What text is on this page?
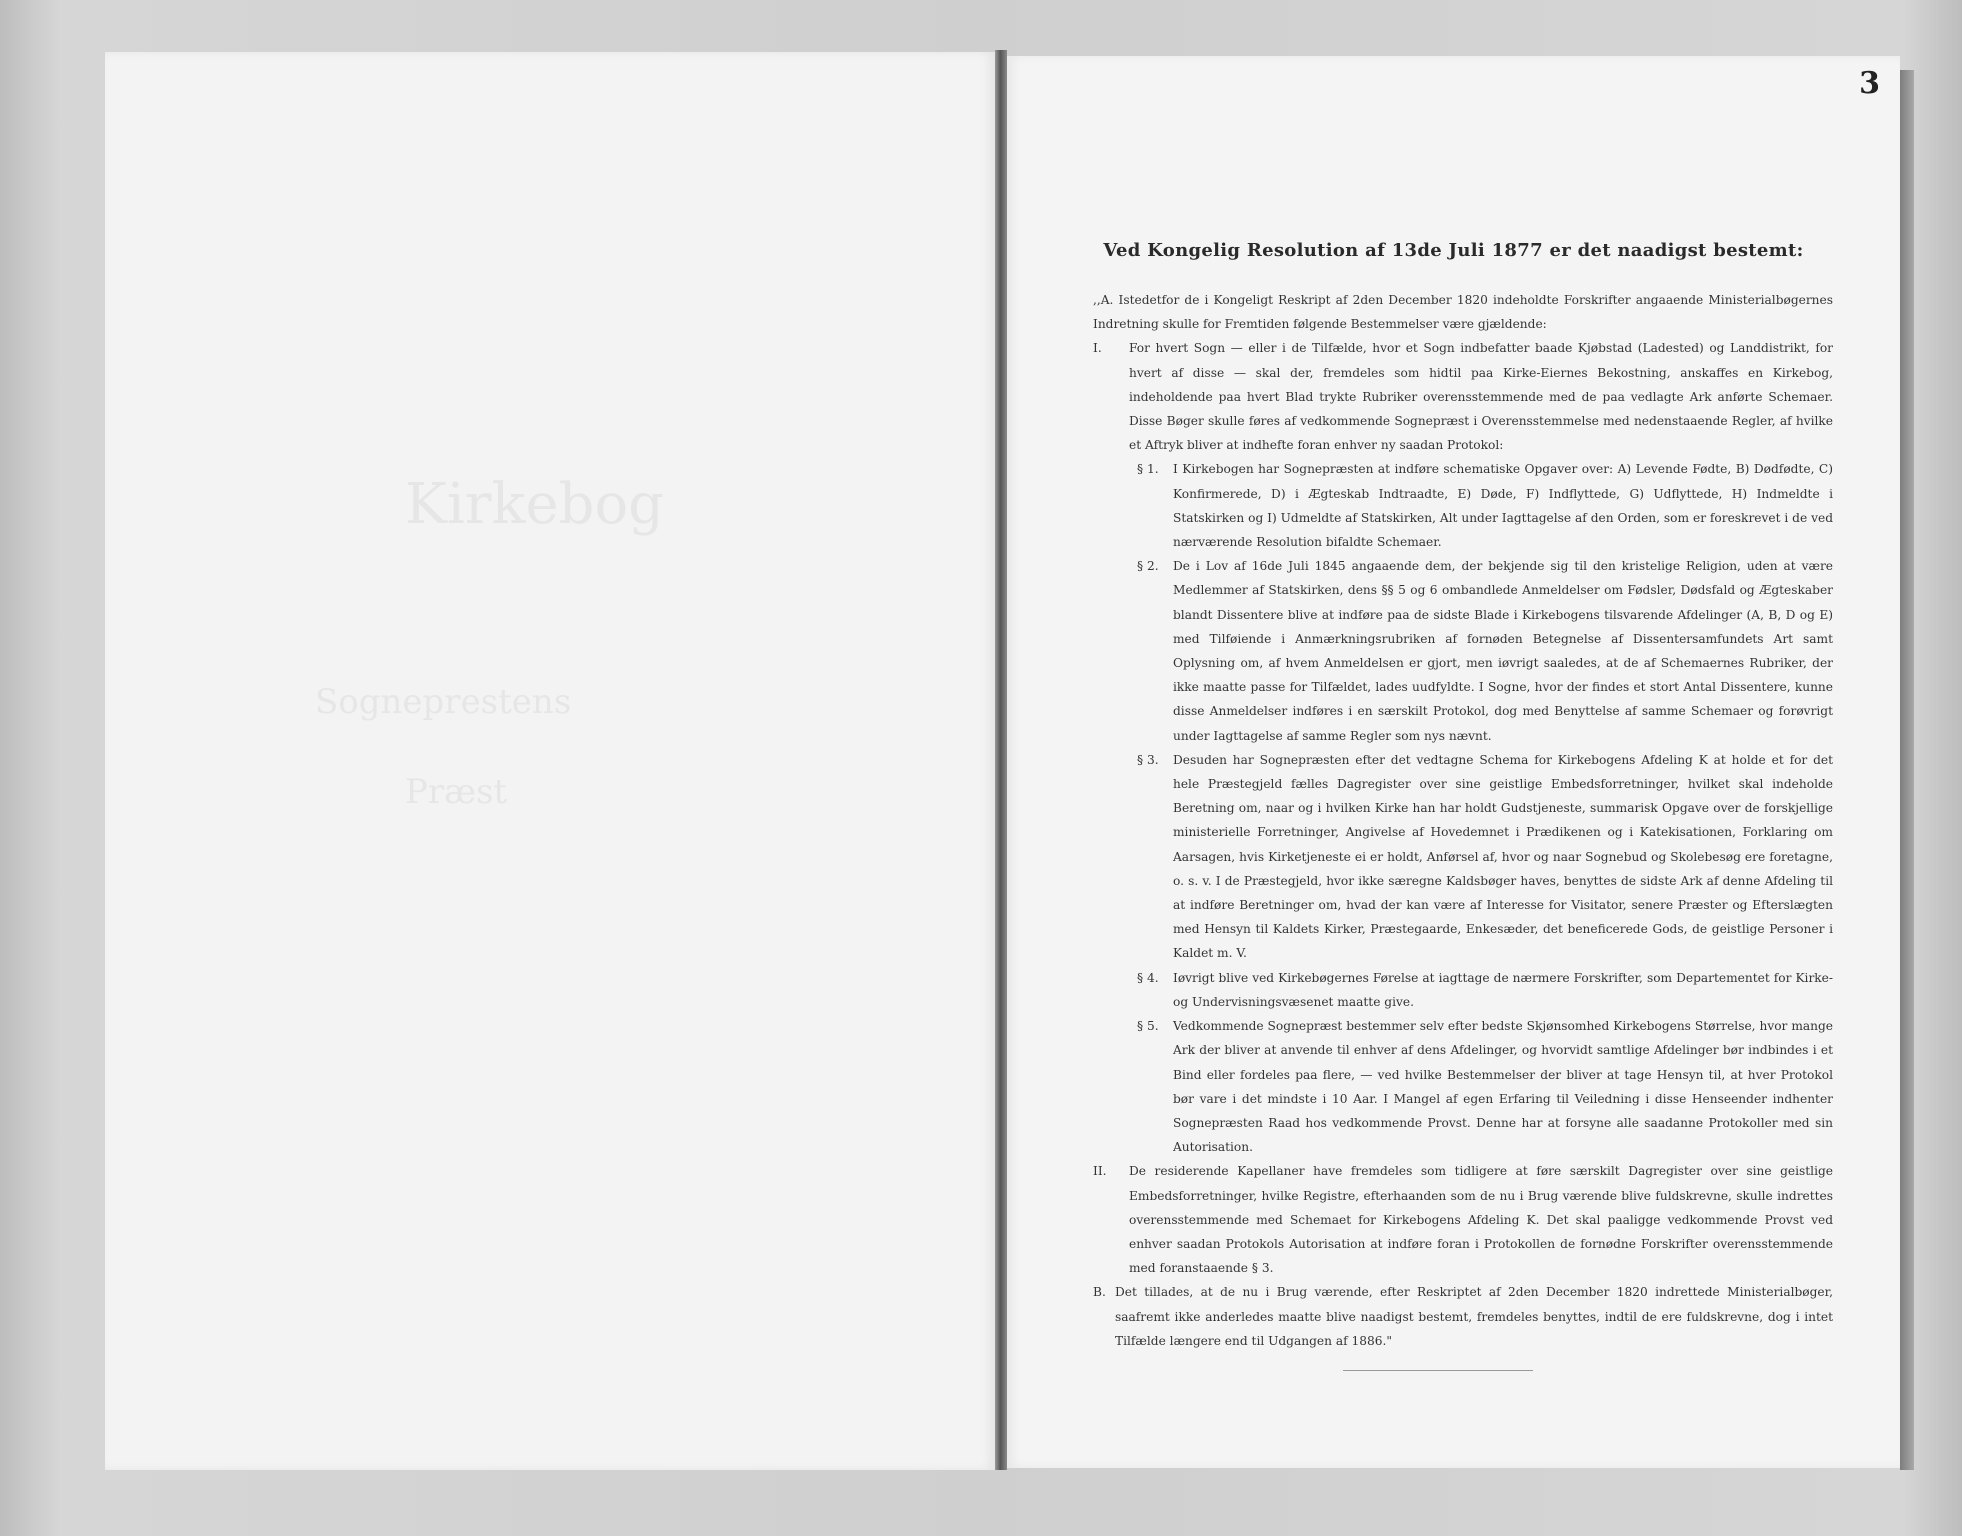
Kirkebog
Sogneprestens
Præst
3
Ved Kongelig Resolution af 13de Juli 1877 er det naadigst bestemt:

,,A. Istedetfor de i Kongeligt Reskript af 2den December 1820 indeholdte Forskrifter angaaende Ministerialbøgernes Indretning skulle for Fremtiden følgende Bestemmelser være gjældende:

I.	For hvert Sogn — eller i de Tilfælde, hvor et Sogn indbefatter baade Kjøbstad (Ladested) og Landdistrikt, for hvert af disse — skal der, fremdeles som hidtil paa Kirke-Eiernes Bekostning, anskaffes en Kirkebog, indeholdende paa hvert Blad trykte Rubriker overensstemmende med de paa vedlagte Ark anførte Schemaer. Disse Bøger skulle føres af vedkommende Sognepræst i Overensstemmelse med nedenstaaende Regler, af hvilke et Aftryk bliver at indhefte foran enhver ny saadan Protokol:
§ 1.	I Kirkebogen har Sognepræsten at indføre schematiske Opgaver over: A) Levende Fødte, B) Dødfødte, C) Konfirmerede, D) i Ægteskab Indtraadte, E) Døde, F) Indflyttede, G) Udflyttede, H) Indmeldte i Statskirken og I) Udmeldte af Statskirken, Alt under Iagttagelse af den Orden, som er foreskrevet i de ved nærværende Resolution bifaldte Schemaer.
§ 2.	De i Lov af 16de Juli 1845 angaaende dem, der bekjende sig til den kristelige Religion, uden at være Medlemmer af Statskirken, dens §§ 5 og 6 ombandlede Anmeldelser om Fødsler, Dødsfald og Ægteskaber blandt Dissentere blive at indføre paa de sidste Blade i Kirkebogens tilsvarende Afdelinger (A, B, D og E) med Tilføiende i Anmærkningsrubriken af fornøden Betegnelse af Dissentersamfundets Art samt Oplysning om, af hvem Anmeldelsen er gjort, men iøvrigt saaledes, at de af Schemaernes Rubriker, der ikke maatte passe for Tilfældet, lades uudfyldte. I Sogne, hvor der findes et stort Antal Dissentere, kunne disse Anmeldelser indføres i en særskilt Protokol, dog med Benyttelse af samme Schemaer og forøvrigt under Iagttagelse af samme Regler som nys nævnt.
§ 3.	Desuden har Sognepræsten efter det vedtagne Schema for Kirkebogens Afdeling K at holde et for det hele Præstegjeld fælles Dagregister over sine geistlige Embedsforretninger, hvilket skal indeholde Beretning om, naar og i hvilken Kirke han har holdt Gudstjeneste, summarisk Opgave over de forskjellige ministerielle Forretninger, Angivelse af Hovedemnet i Prædikenen og i Katekisationen, Forklaring om Aarsagen, hvis Kirketjeneste ei er holdt, Anførsel af, hvor og naar Sognebud og Skolebesøg ere foretagne, o. s. v. I de Præstegjeld, hvor ikke særegne Kaldsbøger haves, benyttes de sidste Ark af denne Afdeling til at indføre Beretninger om, hvad der kan være af Interesse for Visitator, senere Præster og Efterslægten med Hensyn til Kaldets Kirker, Præstegaarde, Enkesæder, det beneficerede Gods, de geistlige Personer i Kaldet m. V.
§ 4.	Iøvrigt blive ved Kirkebøgernes Førelse at iagttage de nærmere Forskrifter, som Departementet for Kirke- og Undervisningsvæsenet maatte give.
§ 5.	Vedkommende Sognepræst bestemmer selv efter bedste Skjønsomhed Kirkebogens Størrelse, hvor mange Ark der bliver at anvende til enhver af dens Afdelinger, og hvorvidt samtlige Afdelinger bør indbindes i et Bind eller fordeles paa flere, — ved hvilke Bestemmelser der bliver at tage Hensyn til, at hver Protokol bør vare i det mindste i 10 Aar. I Mangel af egen Erfaring til Veiledning i disse Henseender indhenter Sognepræsten Raad hos vedkommende Provst. Denne har at forsyne alle saadanne Protokoller med sin Autorisation.
II.	De residerende Kapellaner have fremdeles som tidligere at føre særskilt Dagregister over sine geistlige Embedsforretninger, hvilke Registre, efterhaanden som de nu i Brug værende blive fuldskrevne, skulle indrettes overensstemmende med Schemaet for Kirkebogens Afdeling K. Det skal paaligge vedkommende Provst ved enhver saadan Protokols Autorisation at indføre foran i Protokollen de fornødne Forskrifter overensstemmende med foranstaaende § 3.
B. Det tillades, at de nu i Brug værende, efter Reskriptet af 2den December 1820 indrettede Ministerialbøger, saafremt ikke anderledes maatte blive naadigst bestemt, fremdeles benyttes, indtil de ere fuldskrevne, dog i intet Tilfælde længere end til Udgangen af 1886."
